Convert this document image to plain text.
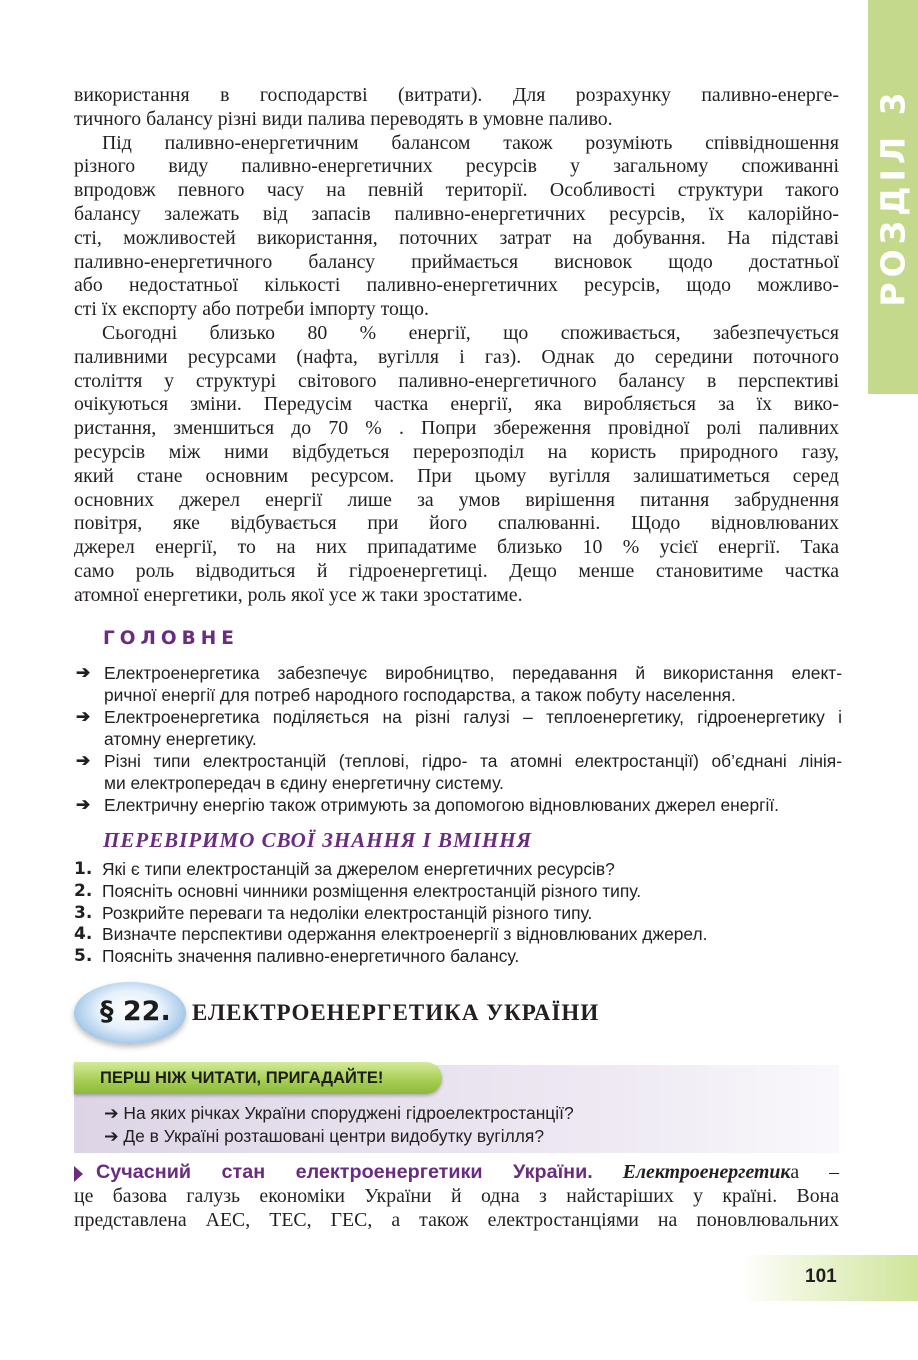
РОЗДІЛ 3

використання в господарстві (витрати). Для розрахунку паливно-енерге-

тичного балансу різні види палива переводять в умовне паливо.

Під паливно-енергетичним балансом також розуміють співвідношення

різного виду паливно-енергетичних ресурсів у загальному споживанні

впродовж певного часу на певній території. Особливості структури такого

балансу залежать від запасів паливно-енергетичних ресурсів, їх калорійно-

сті, можливостей використання, поточних затрат на добування. На підставі

паливно-енергетичного балансу приймається висновок щодо достатньої

або недостатньої кількості паливно-енергетичних ресурсів, щодо можливо-

сті їх експорту або потреби імпорту тощо.

Сьогодні близько 80 % енергії, що споживається, забезпечується

паливними ресурсами (нафта, вугілля і газ). Однак до середини поточного

століття у структурі світового паливно-енергетичного балансу в перспективі

очікуються зміни. Передусім частка енергії, яка виробляється за їх вико-

ристання, зменшиться до 70 % . Попри збереження провідної ролі паливних

ресурсів між ними відбудеться перерозподіл на користь природного газу,

який стане основним ресурсом. При цьому вугілля залишатиметься серед

основних джерел енергії лише за умов вирішення питання забруднення

повітря, яке відбувається при його спалюванні. Щодо відновлюваних

джерел енергії, то на них припадатиме близько 10 % усієї енергії. Така

само роль відводиться й гідроенергетиці. Дещо менше становитиме частка

атомної енергетики, роль якої усе ж таки зростатиме.

ГОЛОВНЕ
➔ Електроенергетика забезпечує виробництво, передавання й використання елект-
ричної енергії для потреб народного господарства, а також побуту населення.
➔ Електроенергетика поділяється на різні галузі – теплоенергетику, гідроенергетику і
атомну енергетику.
➔ Різні типи електростанцій (теплові, гідро- та атомні електростанції) об’єднані лінія-
ми електропередач в єдину енергетичну систему.
➔ Електричну енергію також отримують за допомогою відновлюваних джерел енергії.
ПЕРЕВІРИМО СВОЇ ЗНАННЯ І ВМІННЯ
1. Які є типи електростанцій за джерелом енергетичних ресурсів?
2. Поясніть основні чинники розміщення електростанцій різного типу.
3. Розкрийте переваги та недоліки електростанцій різного типу.
4. Визначте перспективи одержання електроенергії з відновлюваних джерел.
5. Поясніть значення паливно-енергетичного балансу.
§ 22. ЕЛЕКТРОЕНЕРГЕТИКА УКРАЇНИ
ПЕРШ НІЖ ЧИТАТИ, ПРИГАДАЙТЕ!
➔ На яких річках України споруджені гідроелектростанції?
➔ Де в Україні розташовані центри видобутку вугілля?

Сучасний стан електроенергетики України. Електроенергетика –

це базова галузь економіки України й одна з найстаріших у країні. Вона

представлена АЕС, ТЕС, ГЕС, а також електростанціями на поновлювальних

101
